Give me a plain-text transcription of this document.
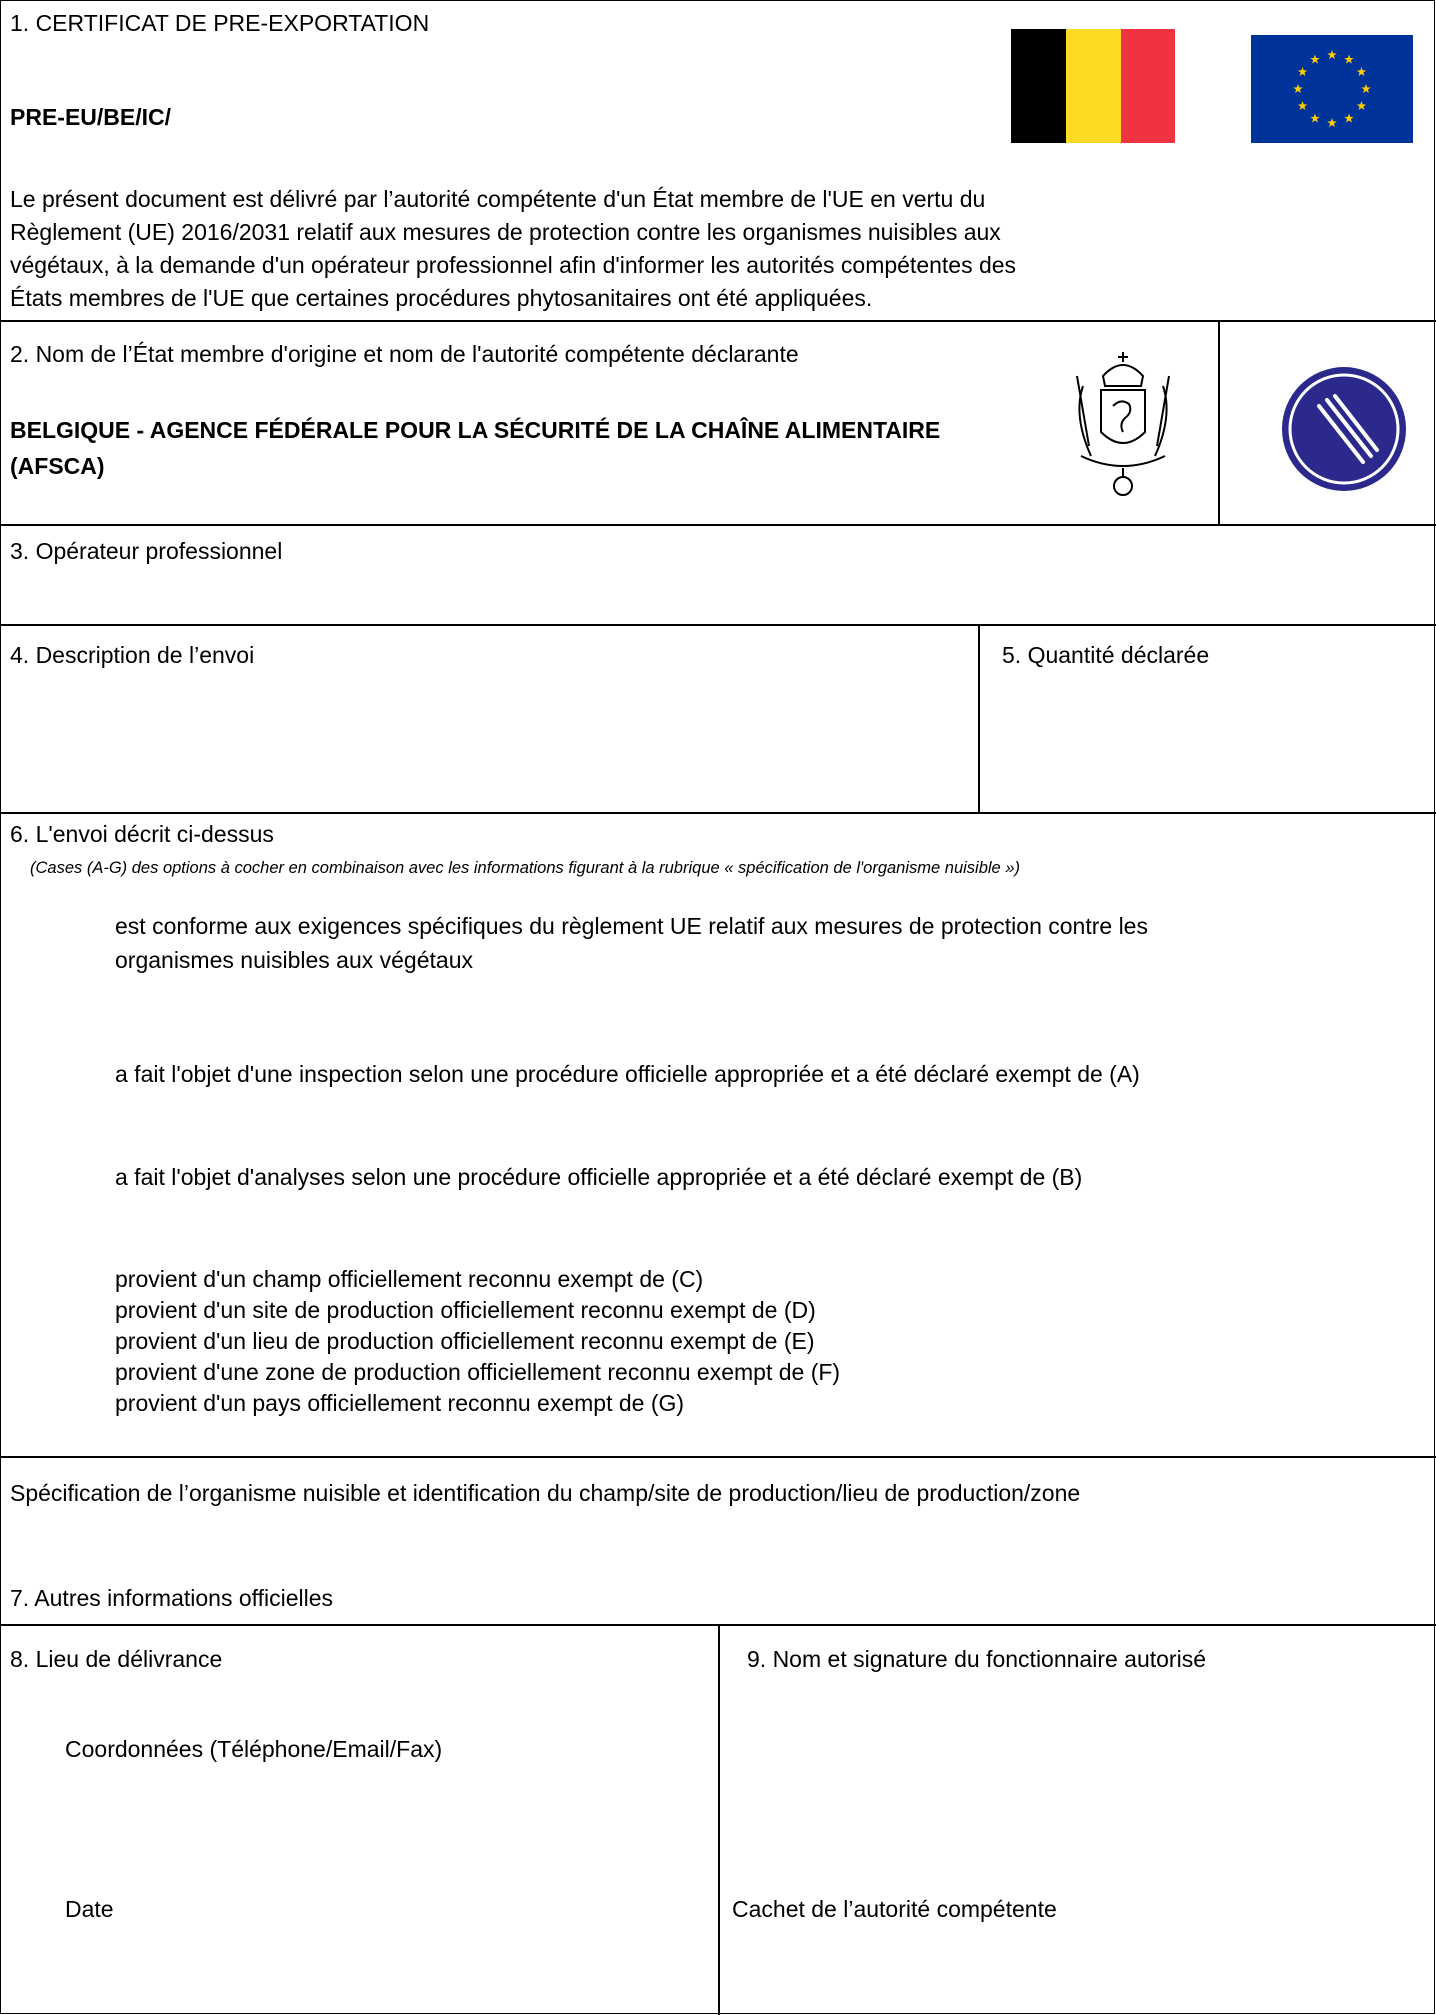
1. CERTIFICAT DE PRE-EXPORTATION
PRE-EU/BE/IC/
Le présent document est délivré par l’autorité compétente d'un État membre de l'UE en vertu du
Règlement (UE) 2016/2031 relatif aux mesures de protection contre les organismes nuisibles aux
végétaux, à la demande d'un opérateur professionnel afin d'informer les autorités compétentes des
États membres de l'UE que certaines procédures phytosanitaires ont été appliquées.
2. Nom de l’État membre d'origine et nom de l'autorité compétente déclarante
BELGIQUE - AGENCE FÉDÉRALE POUR LA SÉCURITÉ DE LA CHAÎNE ALIMENTAIRE
(AFSCA)
3. Opérateur professionnel
4. Description de l’envoi	5. Quantité déclarée
6. L'envoi décrit ci-dessus
(Cases (A-G) des options à cocher en combinaison avec les informations figurant à la rubrique « spécification de l'organisme nuisible »)
est conforme aux exigences spécifiques du règlement UE relatif aux mesures de protection contre les
organismes nuisibles aux végétaux
a fait l'objet d'une inspection selon une procédure officielle appropriée et a été déclaré exempt de (A)
a fait l'objet d'analyses selon une procédure officielle appropriée et a été déclaré exempt de (B)
provient d'un champ officiellement reconnu exempt de (C)
provient d'un site de production officiellement reconnu exempt de (D)
provient d'un lieu de production officiellement reconnu exempt de (E)
provient d'une zone de production officiellement reconnu exempt de (F)
provient d'un pays officiellement reconnu exempt de (G)
Spécification de l’organisme nuisible et identification du champ/site de production/lieu de production/zone
7. Autres informations officielles
8. Lieu de délivrance
Coordonnées (Téléphone/Email/Fax)
Date
9. Nom et signature du fonctionnaire autorisé
Cachet de l’autorité compétente
